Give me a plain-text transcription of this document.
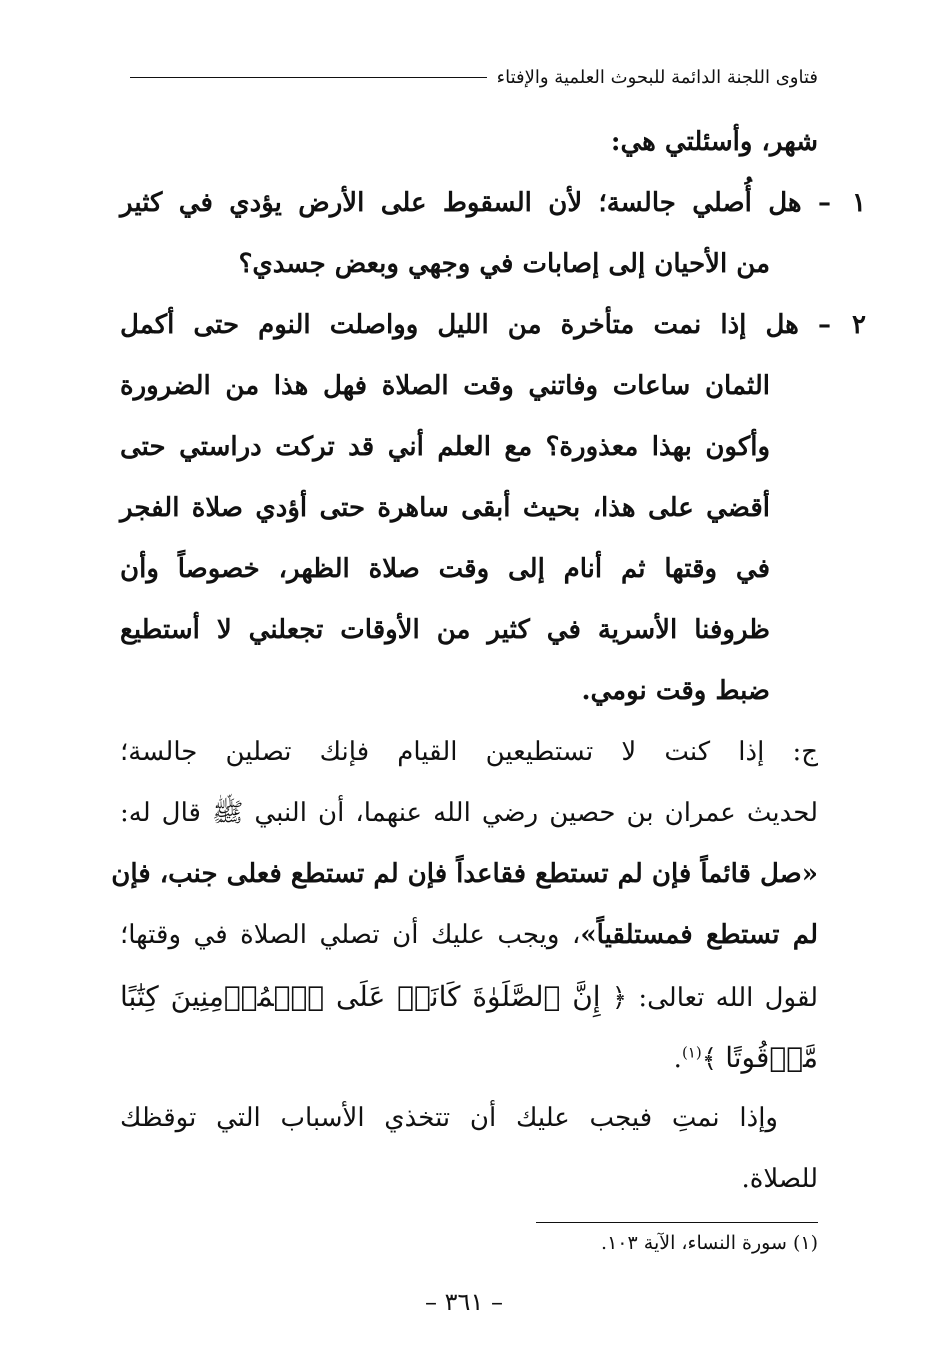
فتاوى اللجنة الدائمة للبحوث العلمية والإفتاء
شهر، وأسئلتي هي:
١ – هل أُصلي جالسة؛ لأن السقوط على الأرض يؤدي في كثير
من الأحيان إلى إصابات في وجهي وبعض جسدي؟
٢ – هل إذا نمت متأخرة من الليل وواصلت النوم حتى أكمل
الثمان ساعات وفاتني وقت الصلاة فهل هذا من الضرورة
وأكون بهذا معذورة؟ مع العلم أني قد تركت دراستي حتى
أقضي على هذا، بحيث أبقى ساهرة حتى أؤدي صلاة الفجر
في وقتها ثم أنام إلى وقت صلاة الظهر، خصوصاً وأن
ظروفنا الأسرية في كثير من الأوقات تجعلني لا أستطيع
ضبط وقت نومي.
ج: إذا كنت لا تستطيعين القيام فإنك تصلين جالسة؛
لحديث عمران بن حصين رضي الله عنهما، أن النبي ﷺ قال له:
«صل قائماً فإن لم تستطع فقاعداً فإن لم تستطع فعلى جنب، فإن
لم تستطع فمستلقياً»، ويجب عليك أن تصلي الصلاة في وقتها؛
لقول الله تعالى: ﴿ إِنَّ ٱلصَّلَوٰةَ كَانَتۡ عَلَى ٱلۡمُؤۡمِنِينَ كِتَٰبًا
مَّوۡقُوتًا ﴾$^{(١)}$.
وإذا نمتِ فيجب عليك أن تتخذي الأسباب التي توقظك
للصلاة.
(١) سورة النساء، الآية ١٠٣.
– ٣٦١ –
